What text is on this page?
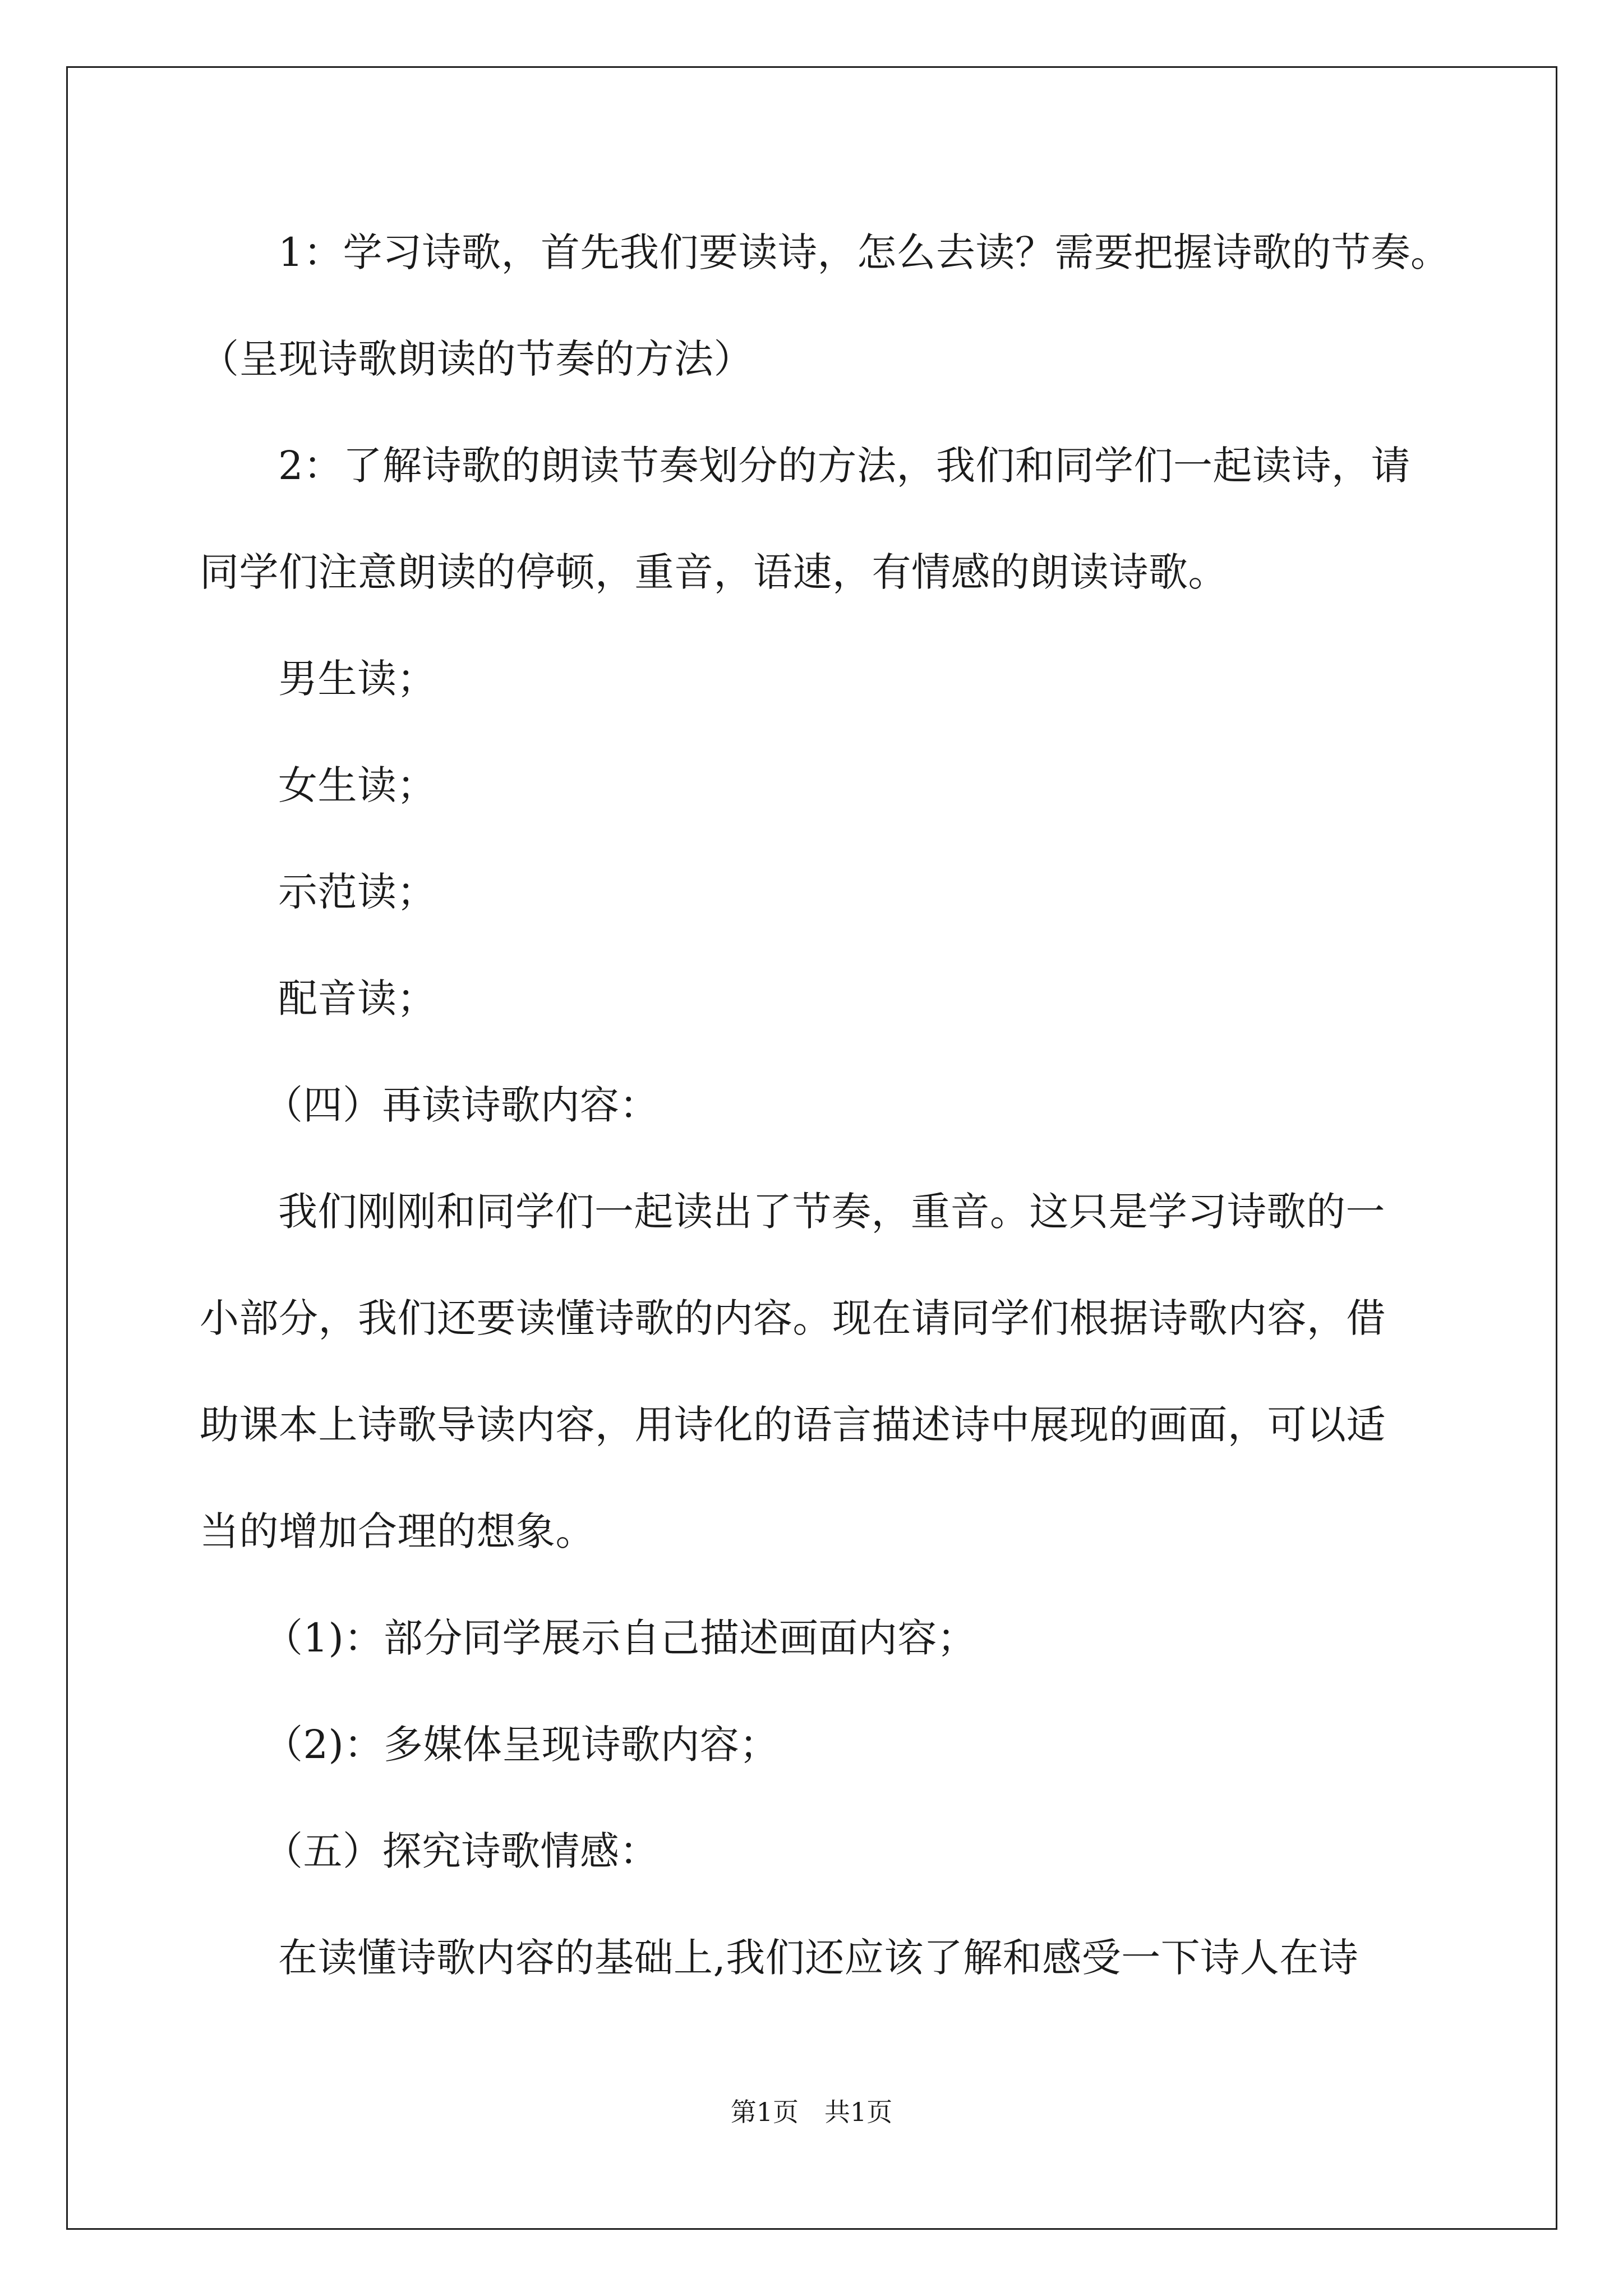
1：学习诗歌，首先我们要读诗，怎么去读？需要把握诗歌的节奏。
（呈现诗歌朗读的节奏的方法）
2：了解诗歌的朗读节奏划分的方法，我们和同学们一起读诗，请
同学们注意朗读的停顿，重音，语速，有情感的朗读诗歌。
男生读；
女生读；
示范读；
配音读；
（四）再读诗歌内容：
我们刚刚和同学们一起读出了节奏，重音。这只是学习诗歌的一
小部分，我们还要读懂诗歌的内容。现在请同学们根据诗歌内容，借
助课本上诗歌导读内容，用诗化的语言描述诗中展现的画面，可以适
当的增加合理的想象。
（1)：部分同学展示自己描述画面内容；
（2)：多媒体呈现诗歌内容；
（五）探究诗歌情感：
在读懂诗歌内容的基础上,我们还应该了解和感受一下诗人在诗
第1页　共1页
